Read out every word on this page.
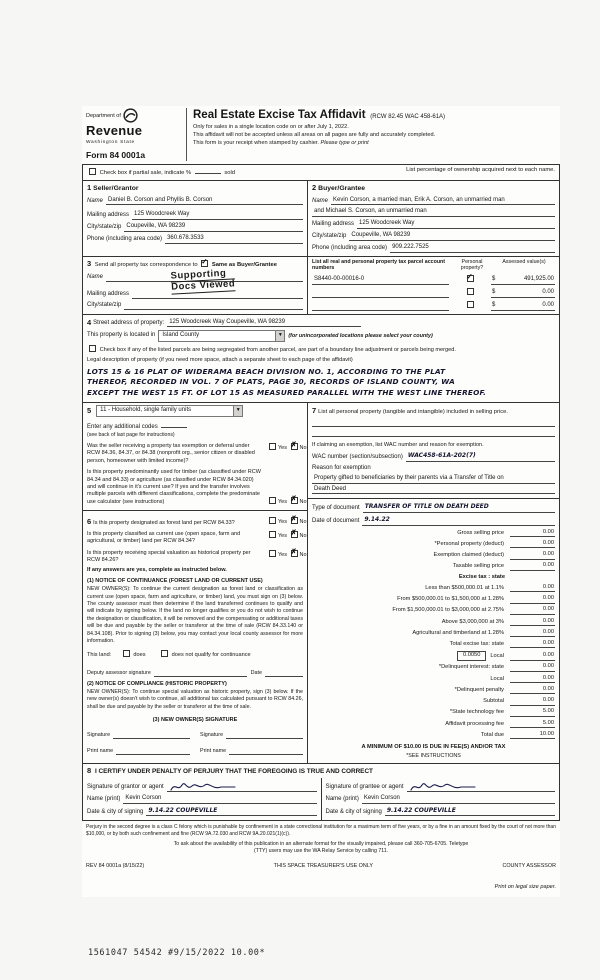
Department of
Revenue
Washington State
Form 84 0001a
Real Estate Excise Tax Affidavit (RCW 82.45 WAC 458-61A)
Only for sales in a single location code on or after July 1, 2022.
This affidavit will not be accepted unless all areas on all pages are fully and accurately completed.
This form is your receipt when stamped by cashier. Please type or print
Check box if partial sale, indicate %	sold	List percentage of ownership acquired next to each name.
1 Seller/Grantor
Name Daniel B. Corson and Phyllis B. Corson
Mailing address 125 Woodcreek Way
City/state/zip Coupeville, WA 98239
Phone (including area code) 360.678.3533
2 Buyer/Grantee
Name Kevin Corson, a married man, Erik A. Corson, an unmarried man
and Michael S. Corson, an unmarried man
Mailing address 125 Woodcreek Way
City/state/zip Coupeville, WA 98239
Phone (including area code) 909.222.7525
3 Send all property tax correspondence to ✓ Same as Buyer/Grantee
Name	Supporting
Docs Viewed
Mailing address
City/state/zip
List all real and personal property tax parcel account numbers
Personal property?
Assessed value(s)
S8440-00-00016-0 ✓	$	491,925.00
$	0.00
$	0.00
4 Street address of property: 125 Woodcreek Way Coupeville, WA 98239
This property is located in	Island County	▼ (for unincorporated locations please select your county)
Check box if any of the listed parcels are being segregated from another parcel, are part of a boundary line adjustment or parcels being merged.
Legal description of property (if you need more space, attach a separate sheet to each page of the affidavit)
LOTS 15 & 16 PLAT OF WIDERAMA BEACH DIVISION NO. 1, ACCORDING TO THE PLAT
THEREOF, RECORDED IN VOL. 7 OF PLATS, PAGE 30, RECORDS OF ISLAND COUNTY, WA
EXCEPT THE WEST 15 FT. OF LOT 15 AS MEASURED PARALLEL WITH THE WEST LINE THEREOF.
5	11 - Household, single family units	▼
Enter any additional codes
(see back of last page for instructions)
Was the seller receiving a property tax exemption or deferral under RCW 84.36, 84.37, or 84.38 (nonprofit org., senior citizen or disabled person, homeowner with limited income)?
Yes ✗ No
Is this property predominantly used for timber (as classified under RCW 84.34 and 84.33) or agriculture (as classified under RCW 84.34.020) and will continue in it's current use? If yes and the transfer involves multiple parcels with different classifications, complete the predominate use calculator (see instructions)	Yes ✗ No
6 Is this property designated as forest land per RCW 84.33?	Yes ✗ No
Is this property classified as current use (open space, farm and agricultural, or timber) land per RCW 84.34?
Yes ✗ No
Is this property receiving special valuation as historical property per RCW 84.26?
Yes ✗ No
If any answers are yes, complete as instructed below.
(1) NOTICE OF CONTINUANCE (FOREST LAND OR CURRENT USE)
NEW OWNER(S): To continue the current designation as forest land or classification as current use (open space, farm and agriculture, or timber) land, you must sign on (3) below. The county assessor must then determine if the land transferred continues to qualify and will indicate by signing below. If the land no longer qualifies or you do not wish to continue the designation or classification, it will be removed and the compensating or additional taxes will be due and payable by the seller or transferor at the time of sale (RCW 84.33.140 or 84.34.108). Prior to signing (3) below, you may contact your local county assessor for more information.
This land:	does	does not qualify for continuance
Deputy assessor signature	Date
(2) NOTICE OF COMPLIANCE (HISTORIC PROPERTY)
NEW OWNER(S): To continue special valuation as historic property, sign (3) below. If the new owner(s) doesn't wish to continue, all additional tax calculated pursuant to RCW 84.26, shall be due and payable by the seller or transferor at the time of sale.
(3) NEW OWNER(S) SIGNATURE
Signature	Signature
Print name	Print name
7 List all personal property (tangible and intangible) included in selling price.
If claiming an exemption, list WAC number and reason for exemption.
WAC number (section/subsection) WAC458-61A-202(7)
Reason for exemption
Property gifted to beneficiaries by their parents via a Transfer of Title on
Death Deed
Type of document TRANSFER OF TITLE ON DEATH DEED
Date of document 9.14.22
Gross selling price	0.00
*Personal property (deduct)	0.00
Exemption claimed (deduct)	0.00
Taxable selling price	0.00
Excise tax : state
Less than $500,000.01 at 1.1%	0.00
From $500,000.01 to $1,500,000 at 1.28%	0.00
From $1,500,000.01 to $3,000,000 at 2.75%	0.00
Above $3,000,000 at 3%	0.00
Agricultural and timberland at 1.28%	0.00
Total excise tax: state	0.00
0.0050	Local	0.00
*Delinquent interest: state	0.00
Local	0.00
*Delinquent penalty	0.00
Subtotal	0.00
*State technology fee	5.00
Affidavit processing fee	5.00
Total due	10.00
A MINIMUM OF $10.00 IS DUE IN FEE(S) AND/OR TAX
*SEE INSTRUCTIONS
8 I CERTIFY UNDER PENALTY OF PERJURY THAT THE FOREGOING IS TRUE AND CORRECT
Signature of grantor or agent
Name (print) Kevin Corson
Date & city of signing 9.14.22 COUPEVILLE
Signature of grantee or agent
Name (print) Kevin Corson
Date & city of signing 9.14.22 COUPEVILLE
Perjury in the second degree is a class C felony which is punishable by confinement in a state correctional institution for a maximum term of five years, or by a fine in an amount fixed by the court of not more than $10,000, or by both such confinement and fine (RCW 9A.72.030 and RCW 9A.20.021(1)(c)).
To ask about the availability of this publication in an alternate format for the visually impaired, please call 360-705-6705. Teletype
(TTY) users may use the WA Relay Service by calling 711.
REV 84 0001a (8/15/22)	THIS SPACE TREASURER'S USE ONLY	COUNTY ASSESSOR
Print on legal size paper.
1561047 54542 #9/15/2022 10.00*
